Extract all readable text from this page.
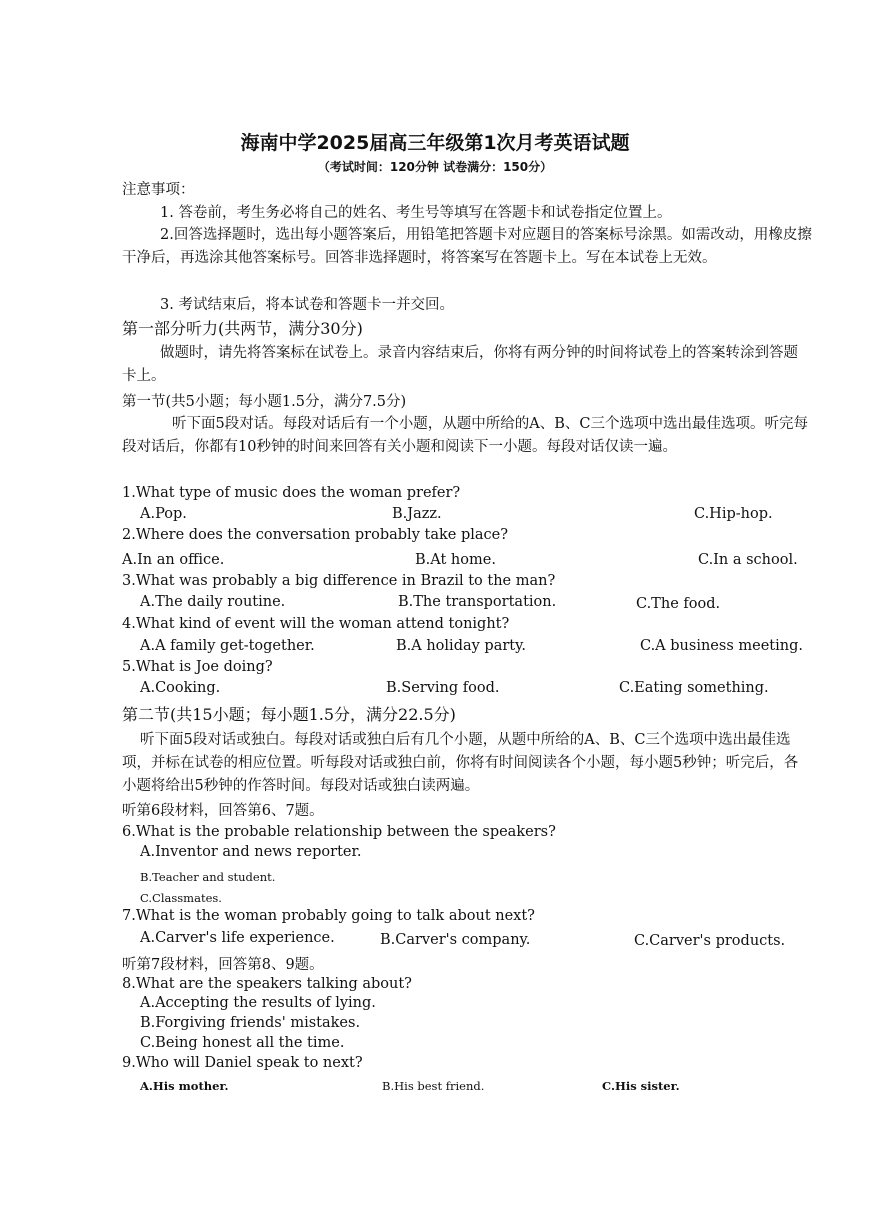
海南中学2025届高三年级第1次月考英语试题
（考试时间：120分钟 试卷满分：150分）
注意事项：
1. 答卷前，考生务必将自己的姓名、考生号等填写在答题卡和试卷指定位置上。
2.回答选择题时，选出每小题答案后，用铅笔把答题卡对应题目的答案标号涂黑。如需改动，用橡皮擦干净后，再选涂其他答案标号。回答非选择题时，将答案写在答题卡上。写在本试卷上无效。
3. 考试结束后，将本试卷和答题卡一并交回。
第一部分听力(共两节，满分30分)
做题时，请先将答案标在试卷上。录音内容结束后，你将有两分钟的时间将试卷上的答案转涂到答题卡上。
第一节(共5小题；每小题1.5分，满分7.5分)
听下面5段对话。每段对话后有一个小题，从题中所给的A、B、C三个选项中选出最佳选项。听完每段对话后，你都有10秒钟的时间来回答有关小题和阅读下一小题。每段对话仅读一遍。
1.What type of music does the woman prefer?
A.Pop.	B.Jazz.	C.Hip-hop.
2.Where does the conversation probably take place?
A.In an office.	B.At home.	C.In a school.
3.What was probably a big difference in Brazil to the man?
A.The daily routine.	B.The transportation.	C.The food.
4.What kind of event will the woman attend tonight?
A.A family get-together.	B.A holiday party.	C.A business meeting.
5.What is Joe doing?
A.Cooking.	B.Serving food.	C.Eating something.
第二节(共15小题；每小题1.5分，满分22.5分)
听下面5段对话或独白。每段对话或独白后有几个小题，从题中所给的A、B、C三个选项中选出最佳选项，并标在试卷的相应位置。听每段对话或独白前，你将有时间阅读各个小题，每小题5秒钟；听完后，各小题将给出5秒钟的作答时间。每段对话或独白读两遍。
听第6段材料，回答第6、7题。
6.What is the probable relationship between the speakers?
A.Inventor and news reporter.
B.Teacher and student.
C.Classmates.
7.What is the woman probably going to talk about next?
A.Carver's life experience.	B.Carver's company.	C.Carver's products.
听第7段材料，回答第8、9题。
8.What are the speakers talking about?
A.Accepting the results of lying.
B.Forgiving friends' mistakes.
C.Being honest all the time.
9.Who will Daniel speak to next?
A.His mother.	B.His best friend.	C.His sister.
